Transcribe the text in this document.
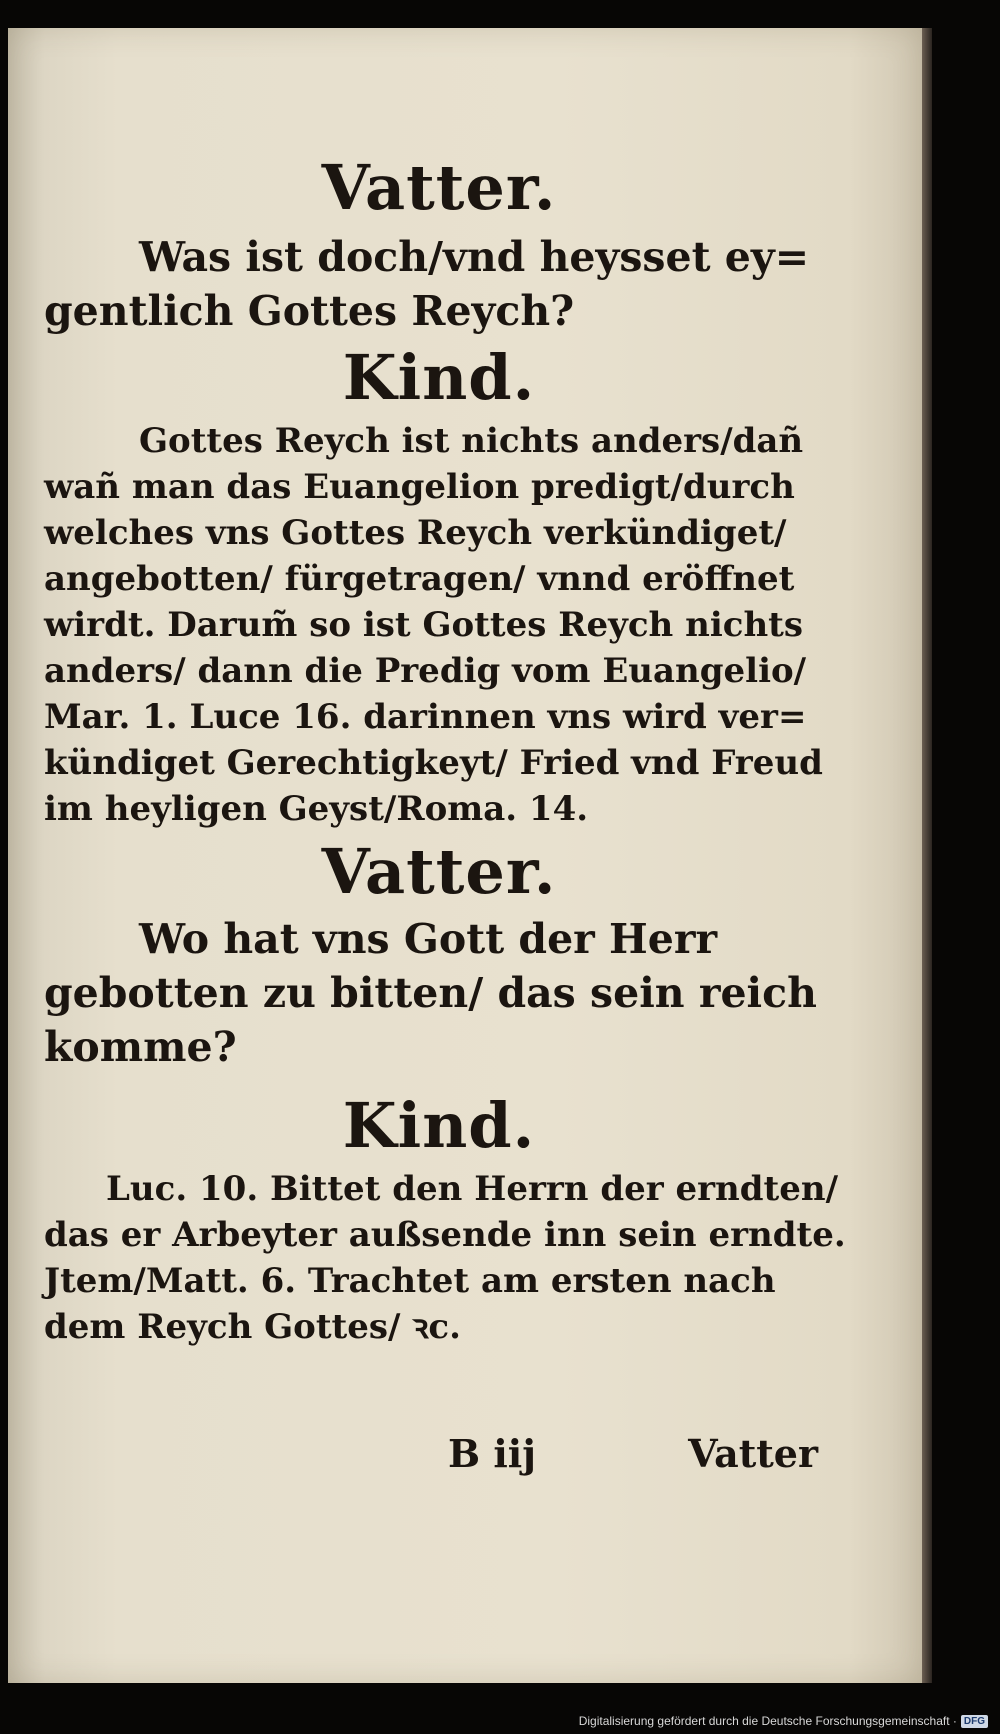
Vatter.

Was ist doch/vnd heysset ey=

gentlich Gottes Reych?

Kind.

Gottes Reych ist nichts anders/dañ

wañ man das Euangelion predigt/durch

welches vns Gottes Reych verkündiget/

angebotten/ fürgetragen/ vnnd eröffnet

wirdt. Darum̃ so ist Gottes Reych nichts

anders/ dann die Predig vom Euangelio/

Mar. 1. Luce 16. darinnen vns wird ver=

kündiget Gerechtigkeyt/ Fried vnd Freud

im heyligen Geyst/Roma. 14.

Vatter.

Wo hat vns Gott der Herr

gebotten zu bitten/ das sein reich

komme?

Kind.

Luc. 10. Bittet den Herrn der erndten/

das er Arbeyter außsende inn sein erndte.

Jtem/Matt. 6. Trachtet am ersten nach

dem Reych Gottes/ ꝛc.

B iij	Vatter
Digitalisierung gefördert durch die Deutsche Forschungsgemeinschaft · DFG
